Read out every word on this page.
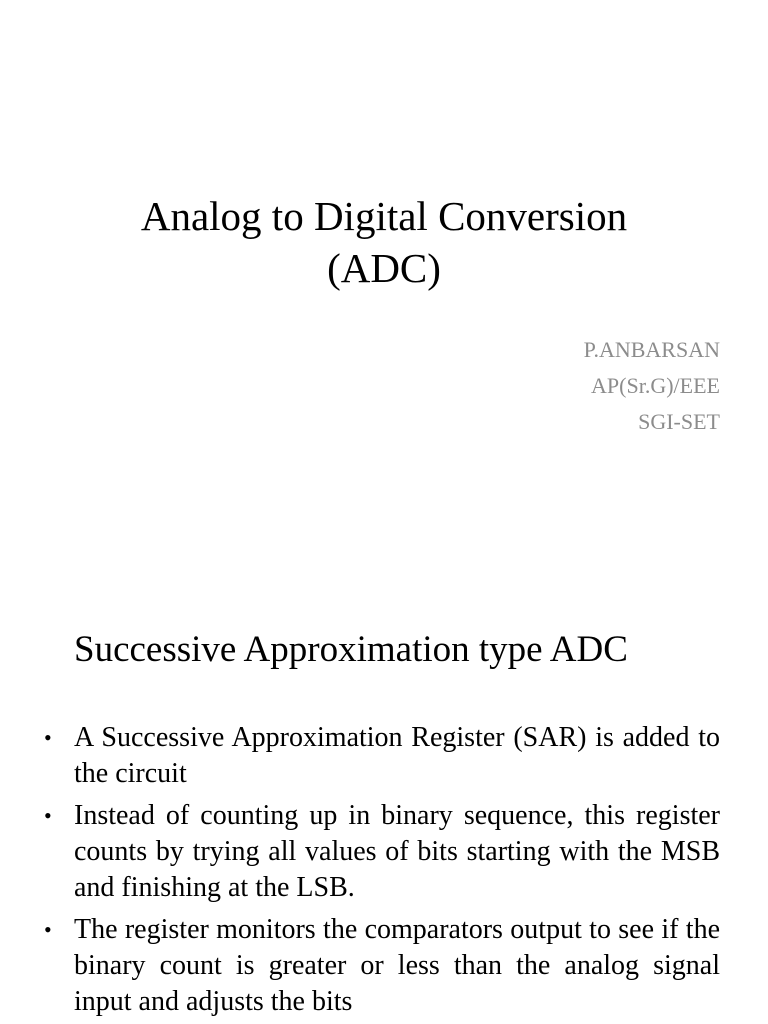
Analog to Digital Conversion
(ADC)
P.ANBARSAN
AP(Sr.G)/EEE
SGI-SET
Successive Approximation type ADC
• A Successive Approximation Register (SAR) is added to the circuit
• Instead of counting up in binary sequence, this register counts by trying all values of bits starting with the MSB and finishing at the LSB.
• The register monitors the comparators output to see if the binary count is greater or less than the analog signal input and adjusts the bits
